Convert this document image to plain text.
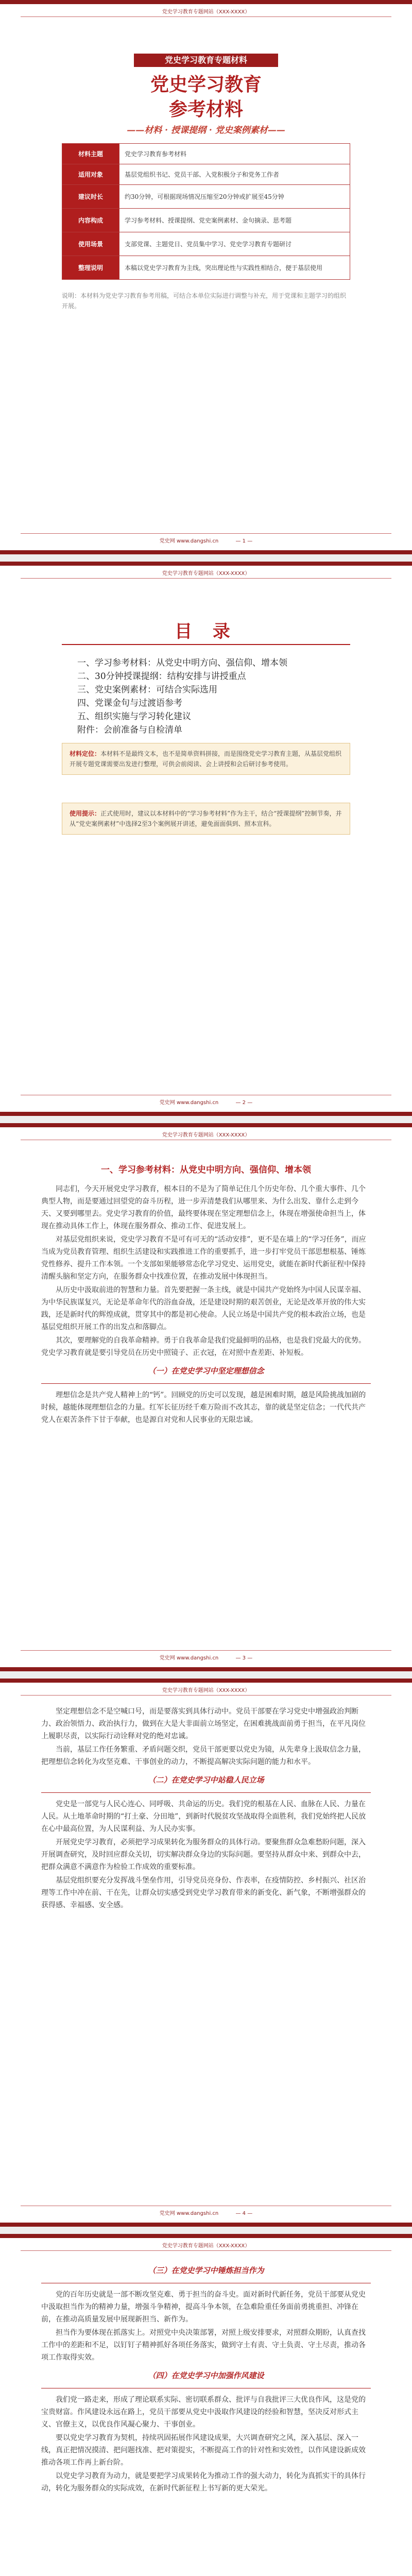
党史学习教育专题网站（XXX-XXXX）
党史学习教育专题材料
党史学习教育
参考材料
——材料 · 授课提纲 · 党史案例素材——
材料主题	党史学习教育参考材料
适用对象	基层党组织书记、党员干部、入党积极分子和党务工作者
建议时长	约30分钟，可根据现场情况压缩至20分钟或扩展至45分钟
内容构成	学习参考材料、授课提纲、党史案例素材、金句摘录、思考题
使用场景	支部党课、主题党日、党员集中学习、党史学习教育专题研讨
整理说明	本稿以党史学习教育为主线，突出理论性与实践性相结合，便于基层使用
说明：本材料为党史学习教育参考用稿，可结合本单位实际进行调整与补充，用于党课和主题学习的组织开展。
党史网 www.dangshi.cn	— 1 —
党史学习教育专题网站（XXX-XXXX）
党史网 www.dangshi.cn	— 2 —
目 录
一、学习参考材料：从党史中明方向、强信仰、增本领
二、30分钟授课提纲：结构安排与讲授重点
三、党史案例素材：可结合实际选用
四、党课金句与过渡语参考
五、组织实施与学习转化建议
附件：会前准备与自检清单
材料定位：本材料不是最终文本，也不是简单资料拼接，而是围绕党史学习教育主题，从基层党组织开展专题党课需要出发进行整理，可供会前阅读、会上讲授和会后研讨参考使用。
使用提示：正式使用时，建议以本材料中的“学习参考材料”作为主干，结合“授课提纲”控制节奏，并从“党史案例素材”中选择2至3个案例展开讲述，避免面面俱到、照本宣科。
党史学习教育专题网站（XXX-XXXX）
党史网 www.dangshi.cn	— 3 —
一、学习参考材料：从党史中明方向、强信仰、增本领

同志们，今天开展党史学习教育，根本目的不是为了简单记住几个历史年份、几个重大事件、几个典型人物，而是要通过回望党的奋斗历程，进一步弄清楚我们从哪里来、为什么出发、靠什么走到今天、又要到哪里去。党史学习教育的价值，最终要体现在坚定理想信念上，体现在增强使命担当上，体现在推动具体工作上，体现在服务群众、推动工作、促进发展上。

对基层党组织来说，党史学习教育不是可有可无的“活动安排”，更不是在墙上的“学习任务”，而应当成为党员教育管理、组织生活建设和实践推进工作的重要抓手，进一步打牢党员干部思想根基、锤炼党性修养、提升工作本领。一个支部如果能够常态化学习党史、运用党史，就能在新时代新征程中保持清醒头脑和坚定方向，在服务群众中找准位置，在推动发展中体现担当。

从历史中汲取前进的智慧和力量。首先要把握一条主线，就是中国共产党始终为中国人民谋幸福、为中华民族谋复兴，无论是革命年代的浴血奋战，还是建设时期的艰苦创业，无论是改革开放的伟大实践，还是新时代的辉煌成就，贯穿其中的都是初心使命。人民立场是中国共产党的根本政治立场，也是基层党组织开展工作的出发点和落脚点。

其次，要理解党的自我革命精神。勇于自我革命是我们党最鲜明的品格，也是我们党最大的优势。党史学习教育就是要引导党员在历史中照镜子、正衣冠，在对照中查差距、补短板。

（一）在党史学习中坚定理想信念

理想信念是共产党人精神上的“钙”。回顾党的历史可以发现，越是困难时期，越是风险挑战加剧的时候，越能体现理想信念的力量。红军长征历经千难万险而不改其志，靠的就是坚定信念；一代代共产党人在艰苦条件下甘于奉献，也是源自对党和人民事业的无限忠诚。

党史学习教育专题网站（XXX-XXXX）
党史网 www.dangshi.cn	— 4 —

坚定理想信念不是空喊口号，而是要落实到具体行动中。党员干部要在学习党史中增强政治判断力、政治领悟力、政治执行力，做到在大是大非面前立场坚定，在困难挑战面前勇于担当，在平凡岗位上履职尽责，以实际行动诠释对党的绝对忠诚。

当前，基层工作任务繁重、矛盾问题交织，党员干部更要以党史为镜，从先辈身上汲取信念力量，把理想信念转化为攻坚克难、干事创业的动力，不断提高解决实际问题的能力和水平。

（二）在党史学习中站稳人民立场

党史是一部党与人民心连心、同呼吸、共命运的历史。我们党的根基在人民、血脉在人民、力量在人民。从土地革命时期的“打土豪、分田地”，到新时代脱贫攻坚战取得全面胜利，我们党始终把人民放在心中最高位置，为人民谋利益、为人民办实事。

开展党史学习教育，必须把学习成果转化为服务群众的具体行动。要聚焦群众急难愁盼问题，深入开展调查研究，及时回应群众关切，切实解决群众身边的实际问题。要坚持从群众中来、到群众中去，把群众满意不满意作为检验工作成效的重要标准。

基层党组织要充分发挥战斗堡垒作用，引导党员亮身份、作表率，在疫情防控、乡村振兴、社区治理等工作中冲在前、干在先，让群众切实感受到党史学习教育带来的新变化、新气象，不断增强群众的获得感、幸福感、安全感。

党史学习教育专题网站（XXX-XXXX）
（三）在党史学习中锤炼担当作为

党的百年历史就是一部不断攻坚克难、勇于担当的奋斗史。面对新时代新任务，党员干部要从党史中汲取担当作为的精神力量，增强斗争精神，提高斗争本领，在急难险重任务面前勇挑重担、冲锋在前，在推动高质量发展中展现新担当、新作为。

担当作为要体现在抓落实上。对照党中央决策部署，对照上级安排要求，对照群众期盼，认真查找工作中的差距和不足，以钉钉子精神抓好各项任务落实，做到守土有责、守土负责、守土尽责，推动各项工作取得实效。

（四）在党史学习中加强作风建设

我们党一路走来，形成了理论联系实际、密切联系群众、批评与自我批评三大优良作风，这是党的宝贵财富。作风建设永远在路上，党员干部要从党史中汲取作风建设的经验和智慧，坚决反对形式主义、官僚主义，以优良作风凝心聚力、干事创业。

要以党史学习教育为契机，持续巩固拓展作风建设成果，大兴调查研究之风，深入基层、深入一线，真正把情况摸清、把问题找准、把对策提实，不断提高工作的针对性和实效性，以作风建设新成效推动各项工作再上新台阶。

以党史学习教育为动力，就是要把学习成果转化为推动工作的强大动力，转化为真抓实干的具体行动，转化为服务群众的实际成效，在新时代新征程上书写新的更大荣光。
